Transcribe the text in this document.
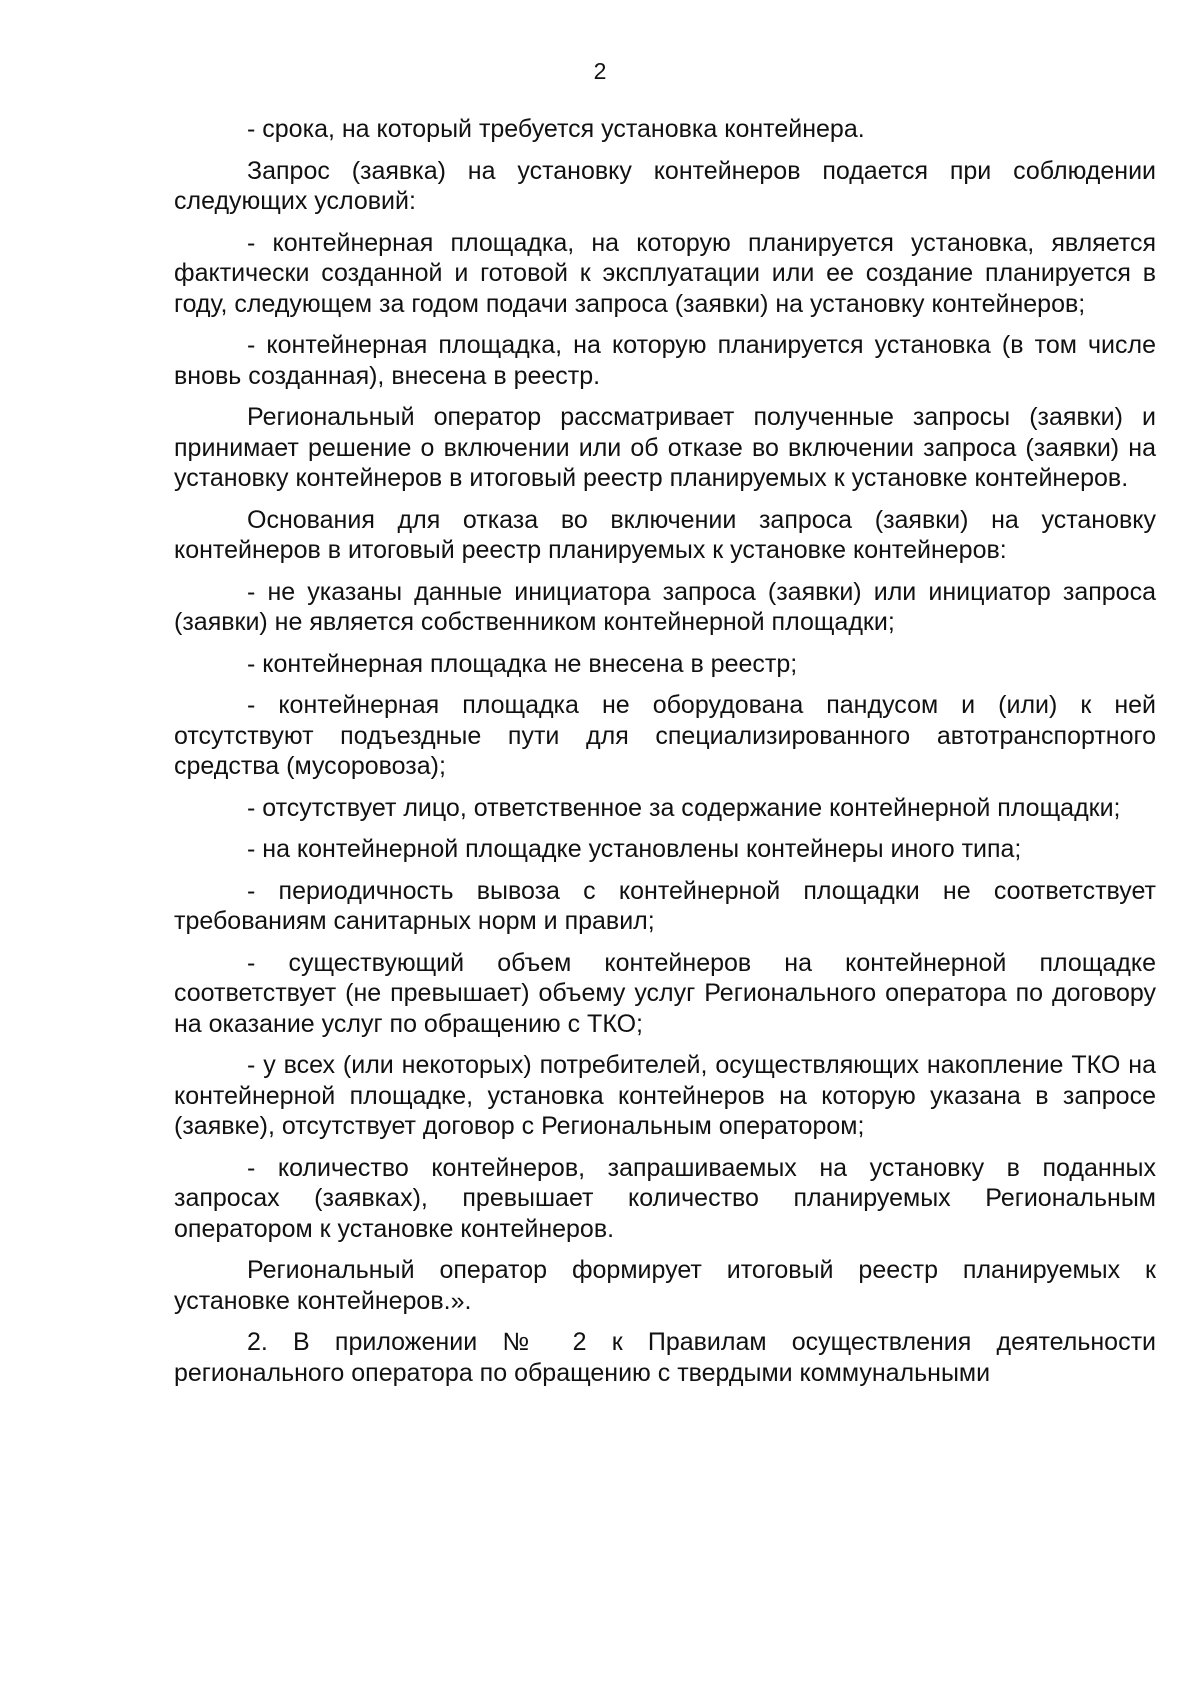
2

- срока, на который требуется установка контейнера.

Запрос (заявка) на установку контейнеров подается при соблюдении следующих условий:

- контейнерная площадка, на которую планируется установка, является фактически созданной и готовой к эксплуатации или ее создание планируется в году, следующем за годом подачи запроса (заявки) на установку контейнеров;

- контейнерная площадка, на которую планируется установка (в том числе вновь созданная), внесена в реестр.

Региональный оператор рассматривает полученные запросы (заявки) и принимает решение о включении или об отказе во включении запроса (заявки) на установку контейнеров в итоговый реестр планируемых к установке контейнеров.

Основания для отказа во включении запроса (заявки) на установку контейнеров в итоговый реестр планируемых к установке контейнеров:

- не указаны данные инициатора запроса (заявки) или инициатор запроса (заявки) не является собственником контейнерной площадки;

- контейнерная площадка не внесена в реестр;

- контейнерная площадка не оборудована пандусом и (или) к ней отсутствуют подъездные пути для специализированного автотранспортного средства (мусоровоза);

- отсутствует лицо, ответственное за содержание контейнерной площадки;

- на контейнерной площадке установлены контейнеры иного типа;

- периодичность вывоза с контейнерной площадки не соответствует требованиям санитарных норм и правил;

- существующий объем контейнеров на контейнерной площадке соответствует (не превышает) объему услуг Регионального оператора по договору на оказание услуг по обращению с ТКО;

- у всех (или некоторых) потребителей, осуществляющих накопление ТКО на контейнерной площадке, установка контейнеров на которую указана в запросе (заявке), отсутствует договор с Региональным оператором;

- количество контейнеров, запрашиваемых на установку в поданных запросах (заявках), превышает количество планируемых Региональным оператором к установке контейнеров.

Региональный оператор формирует итоговый реестр планируемых к установке контейнеров.».

2. В приложении № 2 к Правилам осуществления деятельности регионального оператора по обращению с твердыми коммунальными
